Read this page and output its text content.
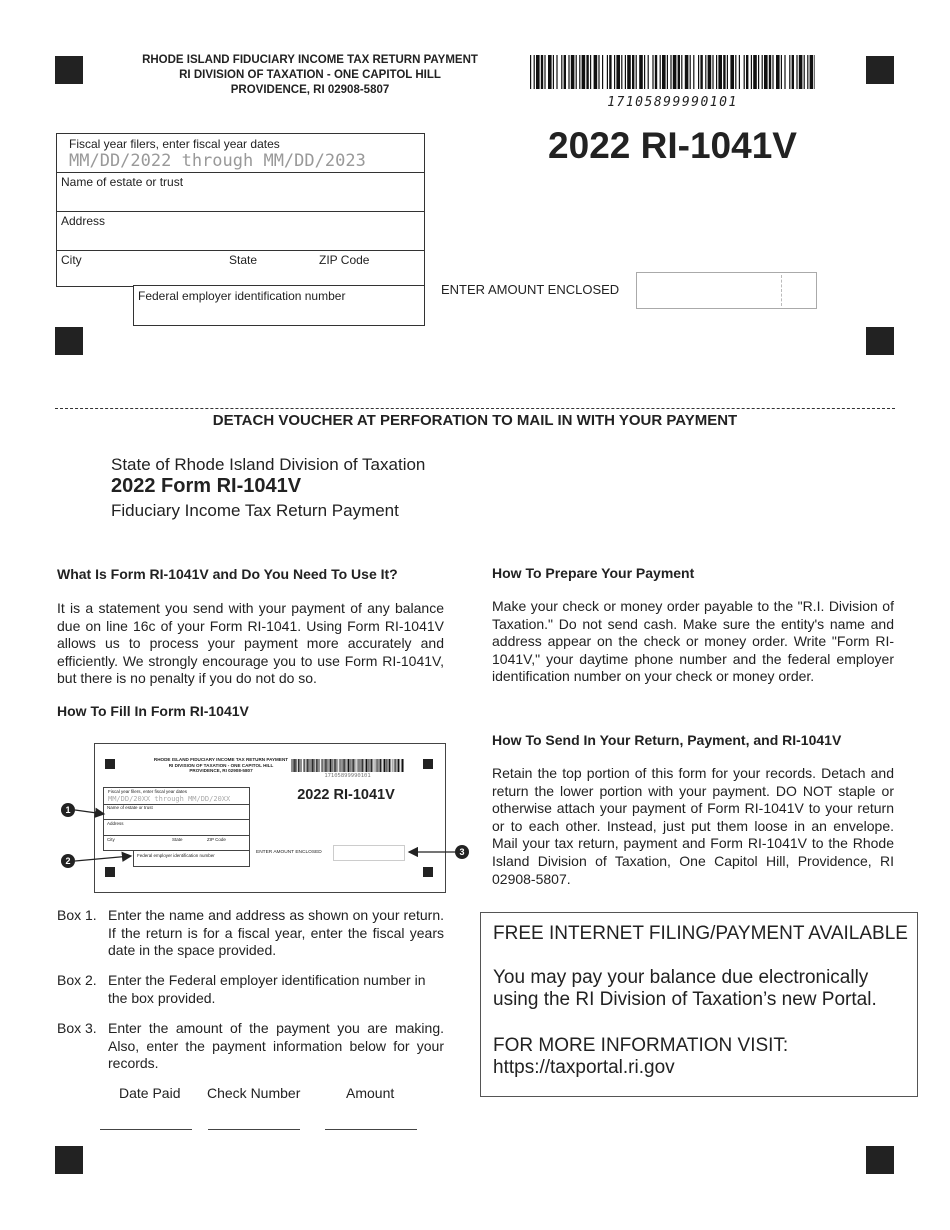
RHODE ISLAND FIDUCIARY INCOME TAX RETURN PAYMENT
RI DIVISION OF TAXATION - ONE CAPITOL HILL
PROVIDENCE, RI 02908-5807
17105899990101
2022 RI-1041V
Fiscal year filers, enter fiscal year dates
MM/DD/2022 through MM/DD/2023
Name of estate or trust
Address
City	State	ZIP Code
Federal employer identification number	ENTER AMOUNT ENCLOSED
DETACH VOUCHER AT PERFORATION TO MAIL IN WITH YOUR PAYMENT
State of Rhode Island Division of Taxation
2022 Form RI-1041V
Fiduciary Income Tax Return Payment
What Is Form RI-1041V and Do You Need To Use It?
It is a statement you send with your payment of any balance due on line 16c of your Form RI-1041. Using Form RI-1041V allows us to process your payment more accurately and efficiently. We strongly encourage you to use Form RI-1041V, but there is no penalty if you do not do so.
How To Fill In Form RI-1041V
RHODE ISLAND FIDUCIARY INCOME TAX RETURN PAYMENT
RI DIVISION OF TAXATION - ONE CAPITOL HILL
PROVIDENCE, RI 02908-5807
17105899990101
2022 RI-1041V
Fiscal year filers, enter fiscal year dates
MM/DD/20XX through MM/DD/20XX
Name of estate or trust
Address
City	State	ZIP Code
Federal employer identification number
ENTER AMOUNT ENCLOSED
1
2
3
Box 1. Enter the name and address as shown on your return. If the return is for a fiscal year, enter the fiscal years date in the space provided.
Box 2. Enter the Federal employer identification number in the box provided.
Box 3. Enter the amount of the payment you are making. Also, enter the payment information below for your records.
Date Paid Check Number	Amount
How To Prepare Your Payment
Make your check or money order payable to the "R.I. Division of Taxation." Do not send cash. Make sure the entity's name and address appear on the check or money order. Write "Form RI-1041V," your daytime phone number and the federal employer identification number on your check or money order.
How To Send In Your Return, Payment, and RI-1041V
Retain the top portion of this form for your records. Detach and return the lower portion with your payment. DO NOT staple or otherwise attach your payment of Form RI-1041V to your return or to each other. Instead, just put them loose in an envelope. Mail your tax return, payment and Form RI-1041V to the Rhode Island Division of Taxation, One Capitol Hill, Providence, RI 02908-5807.
FREE INTERNET FILING/PAYMENT AVAILABLE
You may pay your balance due electronically using the RI Division of Taxation’s new Portal.
FOR MORE INFORMATION VISIT:
https://taxportal.ri.gov
